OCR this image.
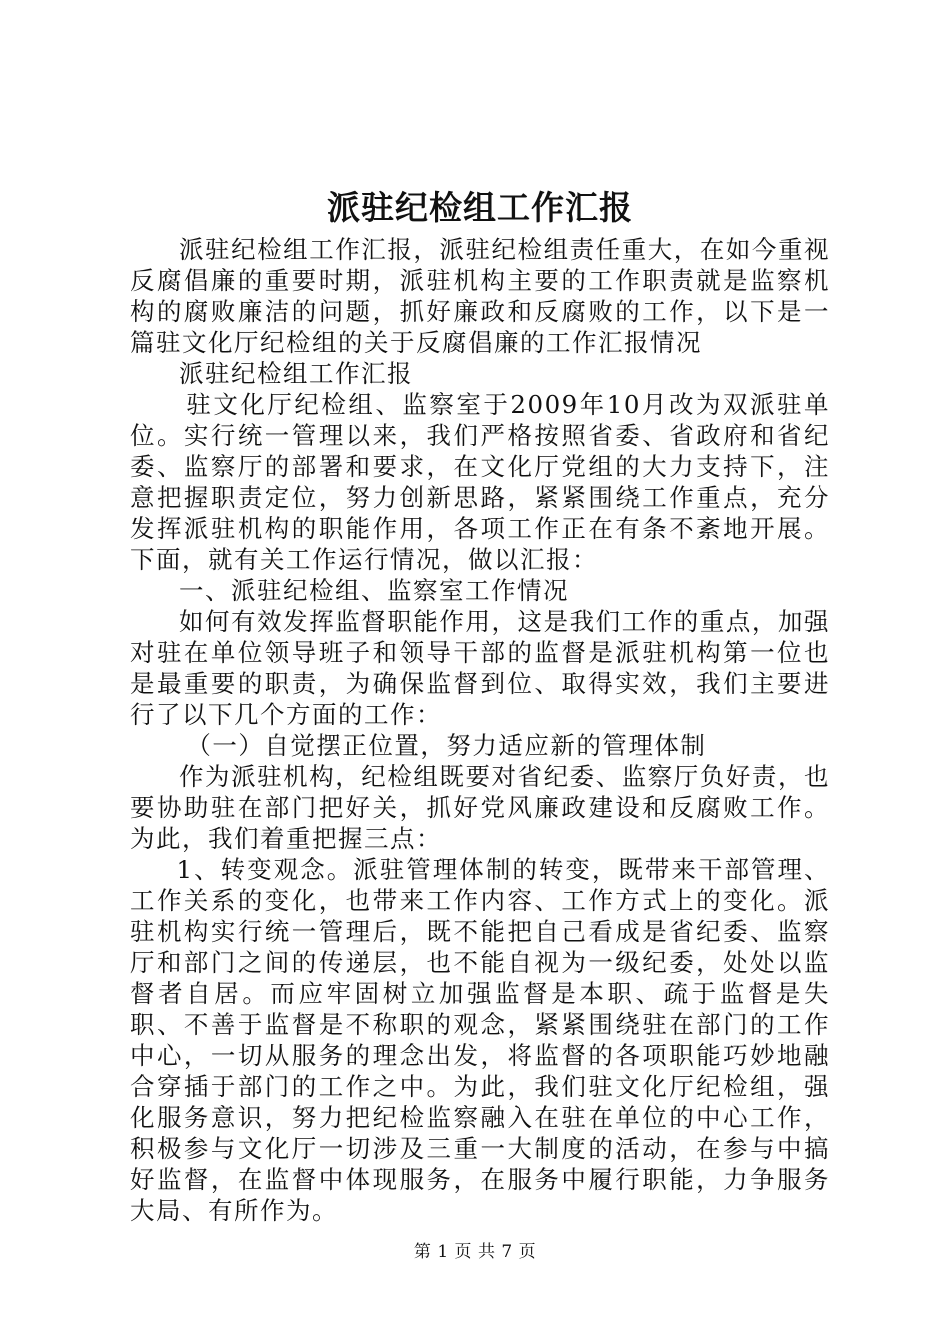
派驻纪检组工作汇报

派驻纪检组工作汇报，派驻纪检组责任重大，在如今重视反腐倡廉的重要时期，派驻机构主要的工作职责就是监察机构的腐败廉洁的问题，抓好廉政和反腐败的工作，以下是一篇驻文化厅纪检组的关于反腐倡廉的工作汇报情况

派驻纪检组工作汇报

驻文化厅纪检组、监察室于2009年10月改为双派驻单位。实行统一管理以来，我们严格按照省委、省政府和省纪委、监察厅的部署和要求，在文化厅党组的大力支持下，注意把握职责定位，努力创新思路，紧紧围绕工作重点，充分发挥派驻机构的职能作用，各项工作正在有条不紊地开展。下面，就有关工作运行情况，做以汇报：

一、派驻纪检组、监察室工作情况

如何有效发挥监督职能作用，这是我们工作的重点，加强对驻在单位领导班子和领导干部的监督是派驻机构第一位也是最重要的职责，为确保监督到位、取得实效，我们主要进行了以下几个方面的工作：

（一）自觉摆正位置，努力适应新的管理体制

作为派驻机构，纪检组既要对省纪委、监察厅负好责，也要协助驻在部门把好关，抓好党风廉政建设和反腐败工作。为此，我们着重把握三点：

1、转变观念。派驻管理体制的转变，既带来干部管理、工作关系的变化，也带来工作内容、工作方式上的变化。派驻机构实行统一管理后，既不能把自己看成是省纪委、监察厅和部门之间的传递层，也不能自视为一级纪委，处处以监督者自居。而应牢固树立加强监督是本职、疏于监督是失职、不善于监督是不称职的观念，紧紧围绕驻在部门的工作中心，一切从服务的理念出发，将监督的各项职能巧妙地融合穿插于部门的工作之中。为此，我们驻文化厅纪检组，强化服务意识，努力把纪检监察融入在驻在单位的中心工作，积极参与文化厅一切涉及三重一大制度的活动，在参与中搞好监督，在监督中体现服务，在服务中履行职能，力争服务大局、有所作为。

第 1 页 共 7 页
